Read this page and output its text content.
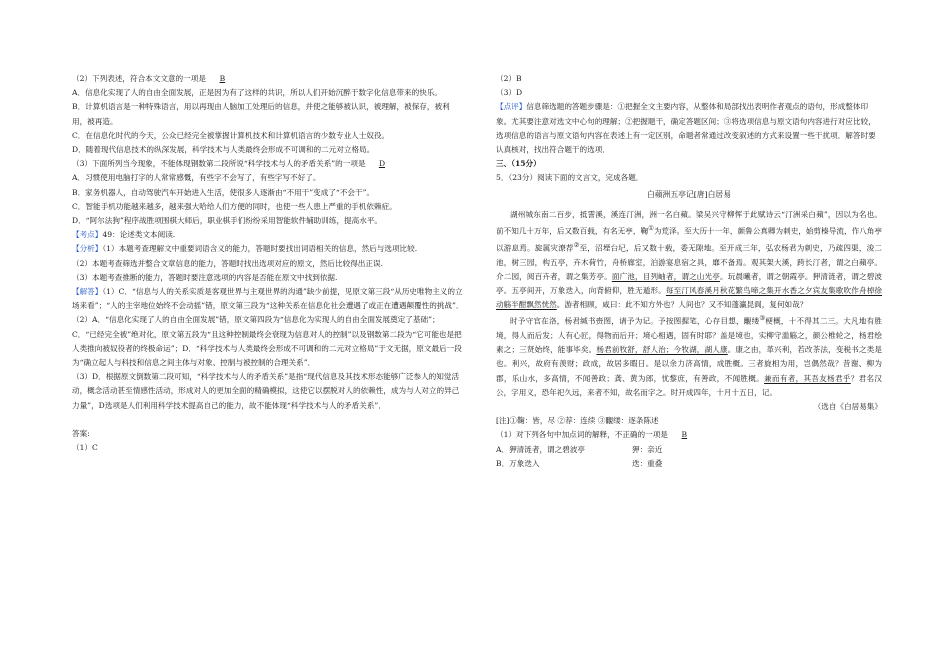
（2）下列表述，符合本文文意的一项是 B
A．信息化实现了人的自由全面发展，正是因为有了这样的共识，所以人们开始沉醉于数字化信息带来的快乐。
B．计算机语言是一种特殊语言，用以再现由人脑加工处理后的信息，并使之能够被认识，被理解，被保存，被利用，被再造。
C．在信息化时代的今天，公众已经完全被掌握计算机技术和计算机语言的少数专业人士奴役。
D．随着现代信息技术的纵深发展，科学技术与人类最终会形成不可调和的二元对立格局。
（3）下面所列当今现象，不能体现钢数第二段所说“科学技术与人的矛盾关系”的一项是 D
A．习惯使用电脑打字的人常常感慨，有些字不会写了，有些字写不好了。
B．家务机器人，自动驾驶汽车开始进入生活，使很多人逐渐由“不用干”变成了“不会干”。
C．智能手机功能越来越多，越来强大哈给人们方便的同时，也使一些人患上严重的手机依赖症。
D．“阿尔法狗”程序战胜项围棋大师后，职业棋手们纷纷采用智能软件辅助训练，提高水平。
【考点】49：论述类文本阅读.
【分析】（1）本题考查理解文中重要词语含义的能力，答题时要找出词语相关的信息，然后与选项比较.
（2）本题考查筛选并整合文章信息的能力，答题时找出选项对应的原文，然后比较得出正误.
（3）本题考查推断的能力，答题时要注意选项的内容是否能在原文中找到依据.
【解答】（1）C．“信息与人的关系实质是客观世界与主观世界的沟通”缺少前提，见原文第三段“从历史唯物主义的立场来看”；“人的主宰地位始终不会动摇”错，原文第三段为“这种关系在信息化社会遭遇了或正在遭遇颠覆性的挑战”．
（2）A．“信息化实现了人的自由全面发展”错，原文第四段为“信息化为实现人的自由全面发展奠定了基础”；C．“已经完全被”绝对化，原文第五段为“且这种控制最终会衰现为信息对人的控制”以及钢数第二段为“它可能也是把人类推向被奴役者的终极命运”；D．“科学技术与人类最终会形成不可调和的二元对立格局”于文无据，原文最后一段为“确立起人与科技和信息之间主体与对象、控制与被控制的合理关系”．
（3）D．根据原文倒数第二段可知，“科学技术与人的矛盾关系”是指“现代信息及其技术形态能够广泛参人的知觉活动，概念活动甚至情感性活动，形成对人的更加全面的精确模拟，这使它以摆脱对人的依赖性，成为与人对立的异己力量”，D选项是人们利用科学技术提高自己的能力，故不能体现“科学技术与人的矛盾关系”．
答案:
（1）C
（2）B
（3）D
【点评】信息筛选题的答题步骤是：①把握全文主要内容，从整体和局部找出表明作者观点的语句，形成整体印象。尤其要注意对选文中心句的理解；②把握题干，确定答题区间；③将选项信息与原文语句内容进行对应比较，选项信息的语言与原文语句内容在表述上有一定区别，命题者常通过改变叙述的方式来设置一些干扰项．解答时要认真核对，找出符合题干的选项．
三、（15分）
5．（23分）阅读下面的文言文，完成各题．
白蘋洲五亭记[唐]白居易
湖州城东南二百步，抵霅溪，溪连汀洲，洲一名白蘋。梁吴兴守柳恽于此赋诗云“汀洲采白蘋”，因以为名也。前不知几十万年，后又数百载，有名无亭，鞠①为荒泽。至大历十一年，颜鲁公真卿为刺史，始剪榛导流，作八角亭以游息焉。旋属灾潦荐②至，沼堙台圮，后又数十载，委无隙地。至开成三年，弘农杨君为刺史，乃疏四渠，浚二池，树三园，构五亭，卉木荷竹，舟桥廊室，泊游宴息宿之具，靡不备焉。观其架大溪，跨长汀者，谓之白蘋亭。介二园，阅百卉者，谓之集芳亭。面广池，目列岫者，谓之山光亭。玩晨曦者，谓之朝霞亭。狎清涟者，谓之碧波亭。五亭间开，万象迭入，向背俯仰，胜无遁形。每至汀风春溪月秋花繁鸟啼之集开水香之夕宾友集歌吹作舟棹徐动觞半酣飘然恍然。游者相顾，咸曰：此不知方外也？人间也？又不知蓬瀛昆阆，复何如哉？
时予守官在洛，杨君缄书赍图，请予为记。予按图握笔，心存目想，覼缕③梗概，十不得其二三。大凡地有胜境，得人而后发；人有心匠，得物而后开；境心相遇，固有时耶？盖是境也，实柳守滥觞之，颜公椎轮之，杨君绘素之；三贤始终，能事毕矣。杨君前牧舒，舒人治；今牧湖，湖人康。康之由，革兴利，若改茶法，变税书之类是也。利兴，故府有羡财；政成，故居多暇日。是以余力济高情，成胜概。三者旋相为用，岂偶然哉？昔谢、柳为郡，乐山水，多高情，不闻善政；龚、黄为郎，忧黎庶，有善政，不闻胜概。兼而有者，其吾友杨君乎？君名汉公，字用义，恐年祀久远，来者不知，故名而字之。时开成四年，十月十五日，记。
（选自《白居易集》
[注]①鞠：皆，尽 ②荐：连续 ③覼缕：逐条陈述
（1）对下列各句中加点词的解释，不正确的一项是 B
A．狎清涟者，谓之碧波亭	狎：亲近
B．万象迭入	迭：重叠
